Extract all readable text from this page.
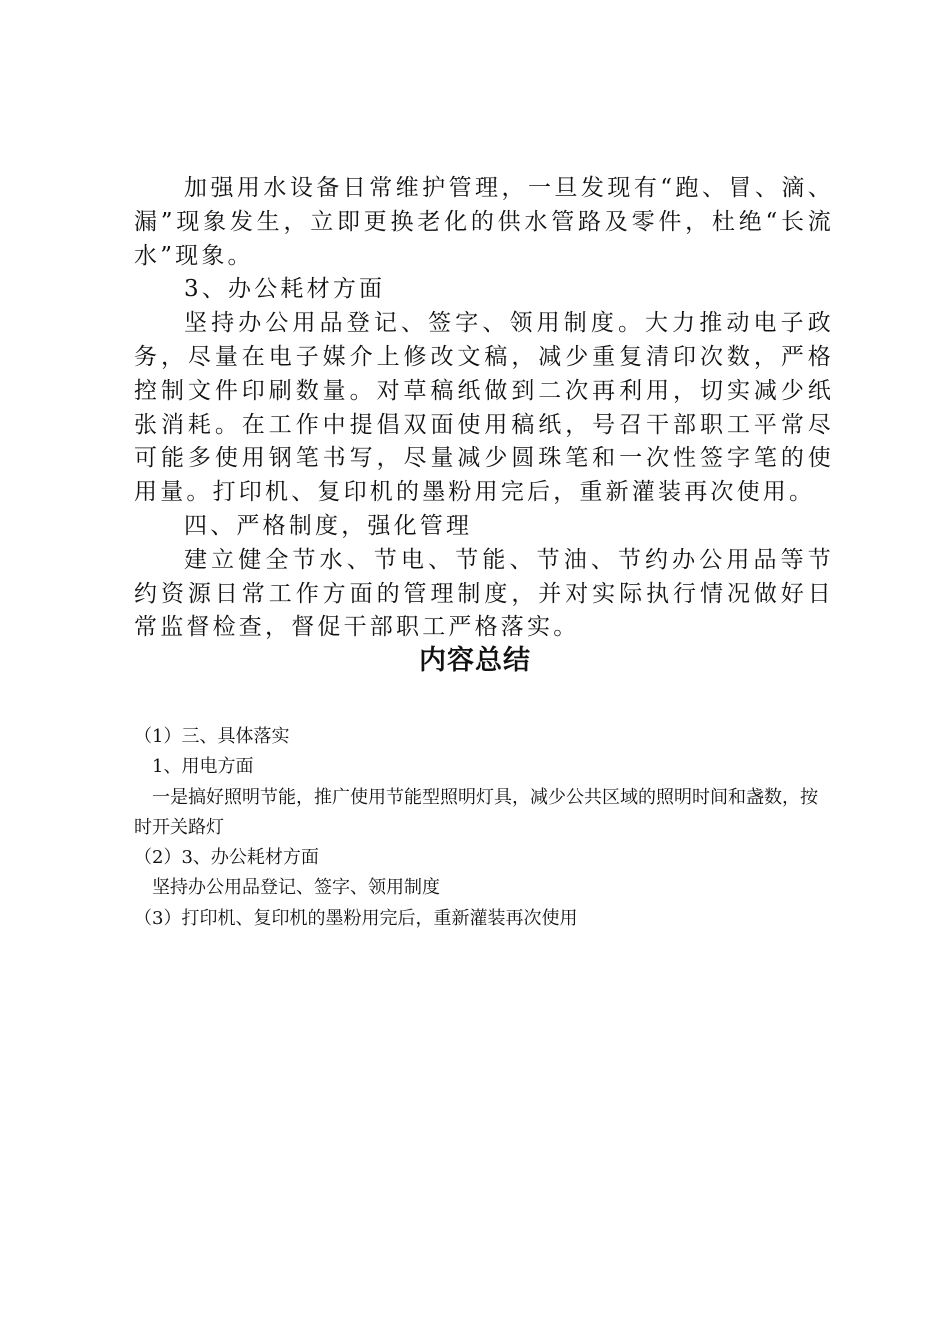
加强用水设备日常维护管理，一旦发现有“跑、冒、滴、漏”现象发生，立即更换老化的供水管路及零件，杜绝“长流水”现象。

3、办公耗材方面

坚持办公用品登记、签字、领用制度。大力推动电子政务，尽量在电子媒介上修改文稿，减少重复清印次数，严格控制文件印刷数量。对草稿纸做到二次再利用，切实减少纸张消耗。在工作中提倡双面使用稿纸，号召干部职工平常尽可能多使用钢笔书写，尽量减少圆珠笔和一次性签字笔的使用量。打印机、复印机的墨粉用完后，重新灌装再次使用。

四、严格制度，强化管理

建立健全节水、节电、节能、节油、节约办公用品等节约资源日常工作方面的管理制度，并对实际执行情况做好日常监督检查，督促干部职工严格落实。

内容总结

（1）三、具体落实

1、用电方面

一是搞好照明节能，推广使用节能型照明灯具，减少公共区域的照明时间和盏数，按时开关路灯

（2）3、办公耗材方面

坚持办公用品登记、签字、领用制度

（3）打印机、复印机的墨粉用完后，重新灌装再次使用
